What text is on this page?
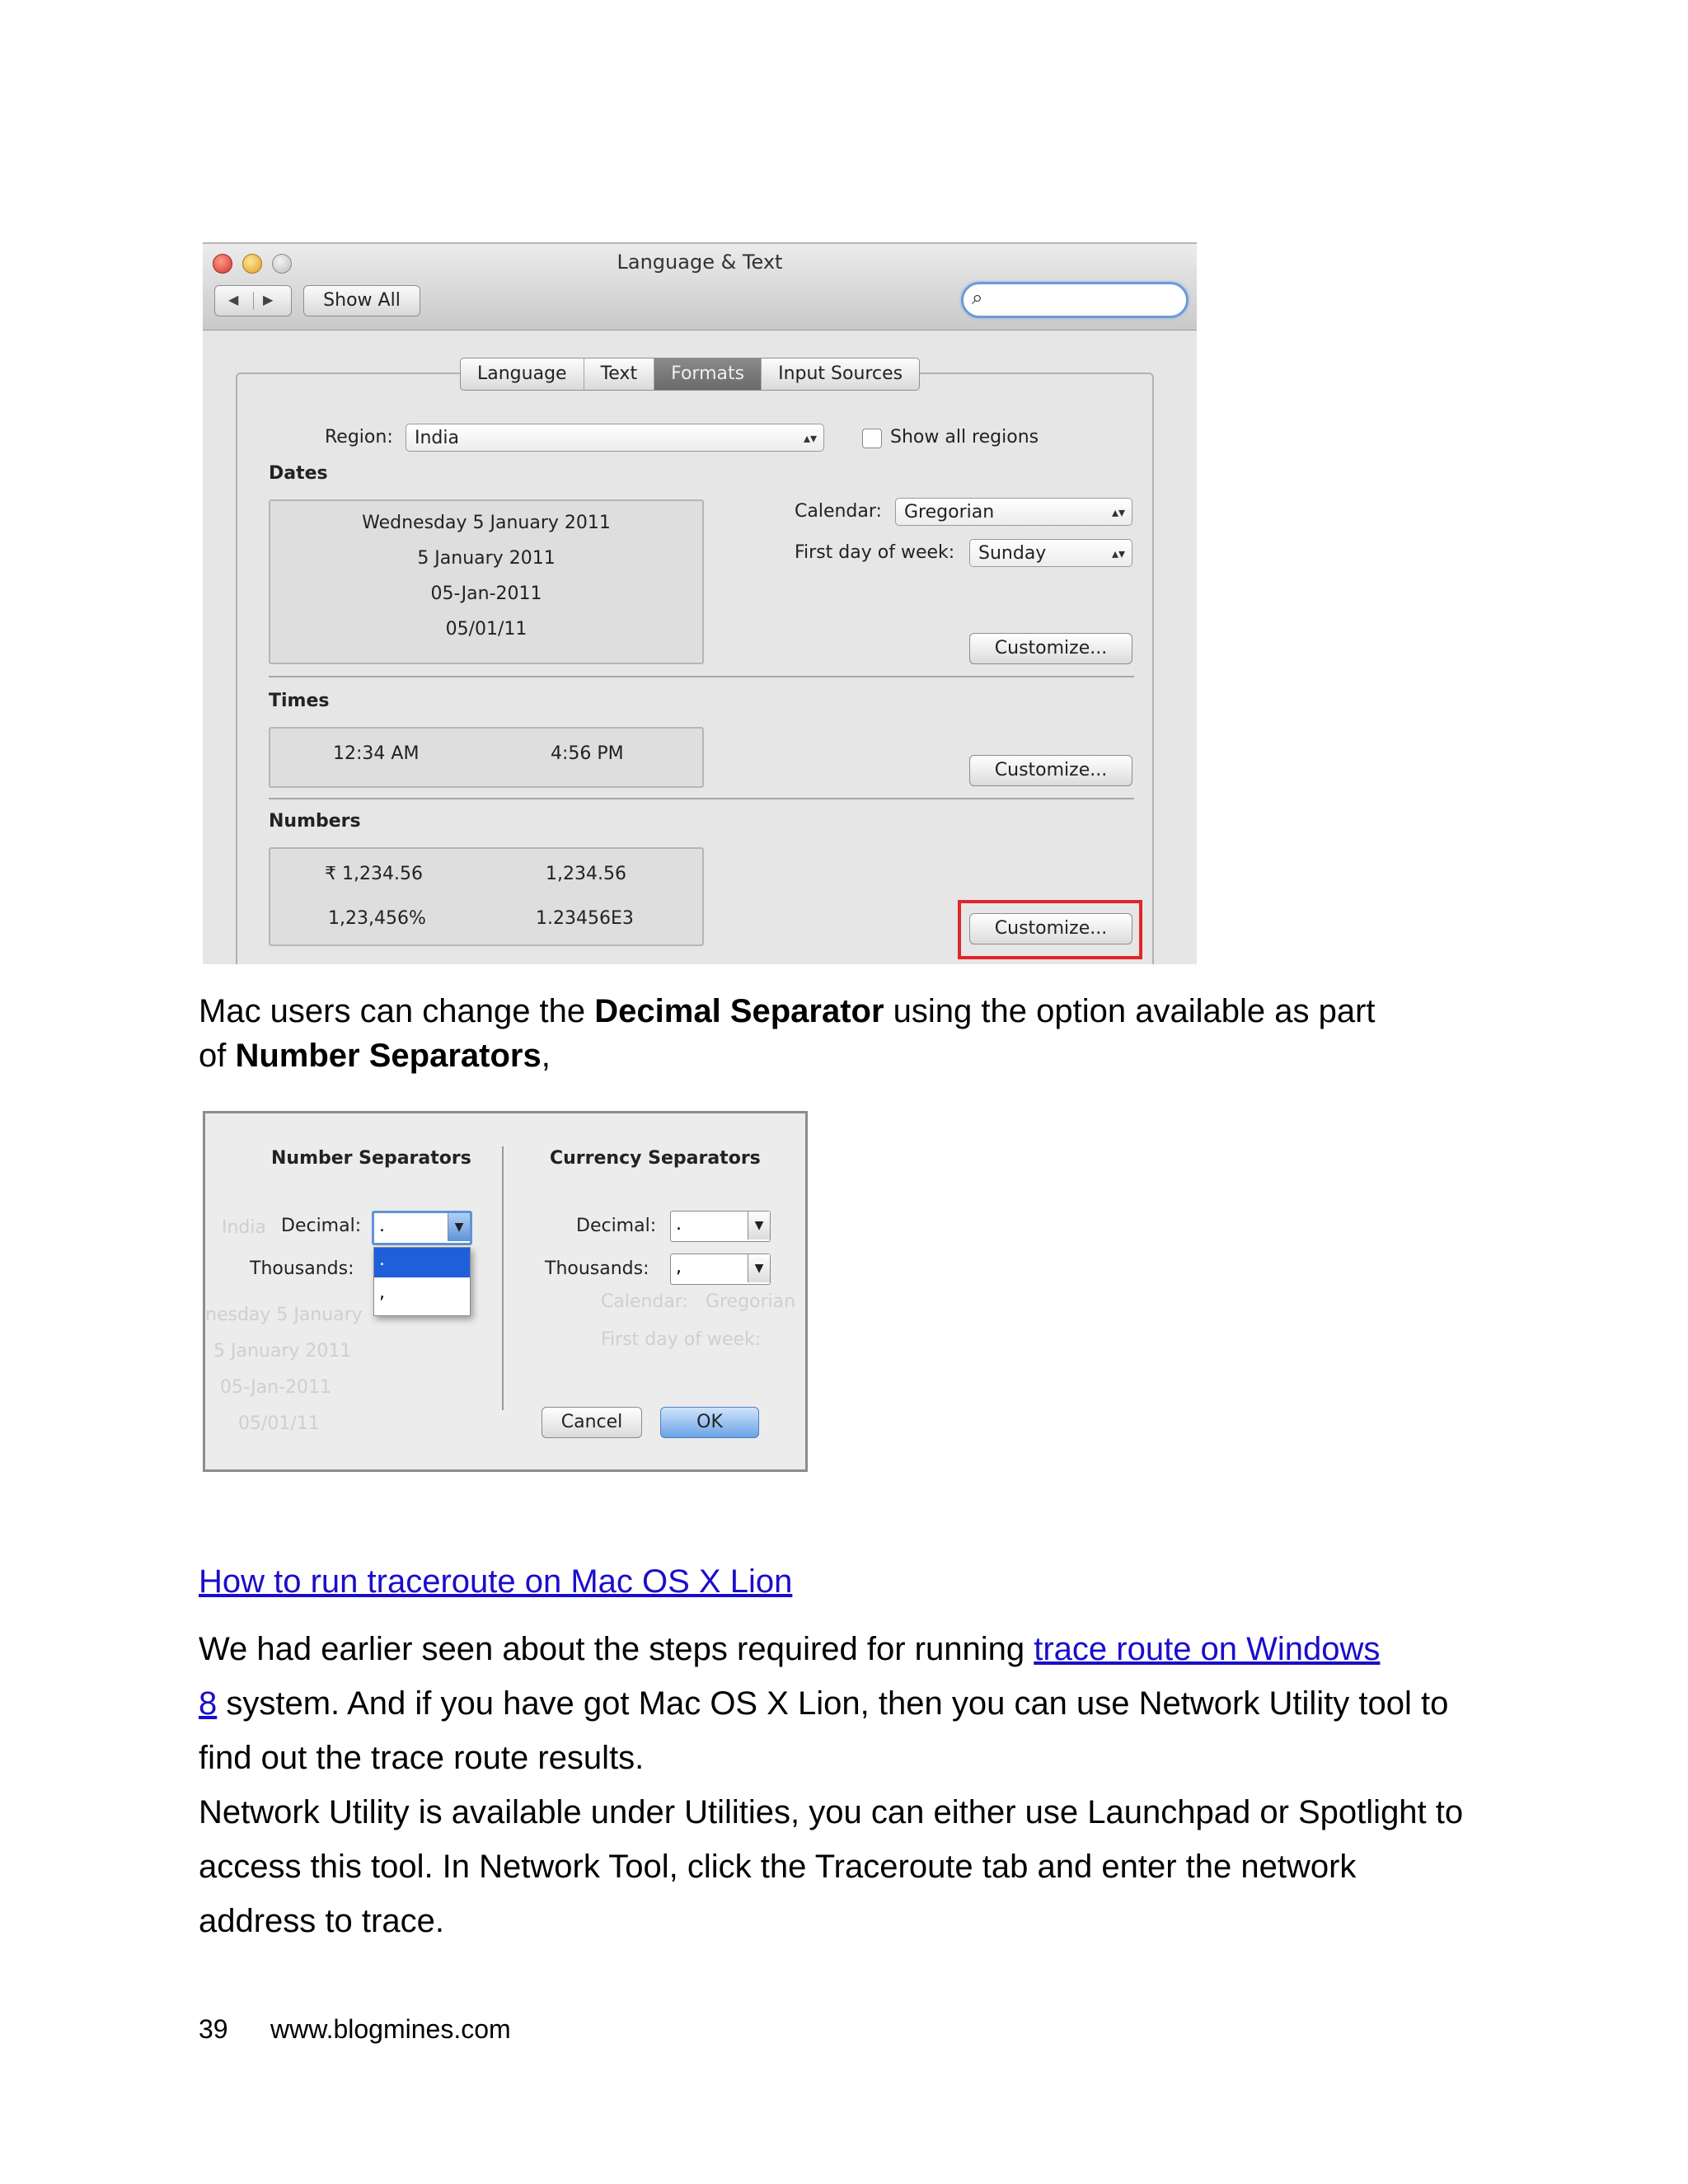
Language & Text
◀ ▶	Show All	⌕
Language	Text	Formats	Input Sources
Region:	India	▴▾	Show all regions
Dates
Wednesday 5 January 2011
5 January 2011
05-Jan-2011
05/01/11
Calendar:	Gregorian	▴▾
First day of week:	Sunday	▴▾
Customize...
Times
12:34 AM	4:56 PM
Customize...
Numbers
₹ 1,234.56	1,234.56
1,23,456%	1.23456E3	Customize...
Mac users can change the Decimal Separator using the option available as part
of Number Separators,
India
nesday 5 January
5 January 2011
05-Jan-2011
05/01/11
Calendar:   Gregorian
First day of week:
Number Separators	Currency Separators
Decimal: .	▼
Thousands: .
,
Decimal: .	▼
Thousands: ,	▼
Cancel	OK
How to run traceroute on Mac OS X Lion
We had earlier seen about the steps required for running trace route on Windows
8 system. And if you have got Mac OS X Lion, then you can use Network Utility tool to
find out the trace route results.
Network Utility is available under Utilities, you can either use Launchpad or Spotlight to
access this tool. In Network Tool, click the Traceroute tab and enter the network
address to trace.
39 www.blogmines.com
